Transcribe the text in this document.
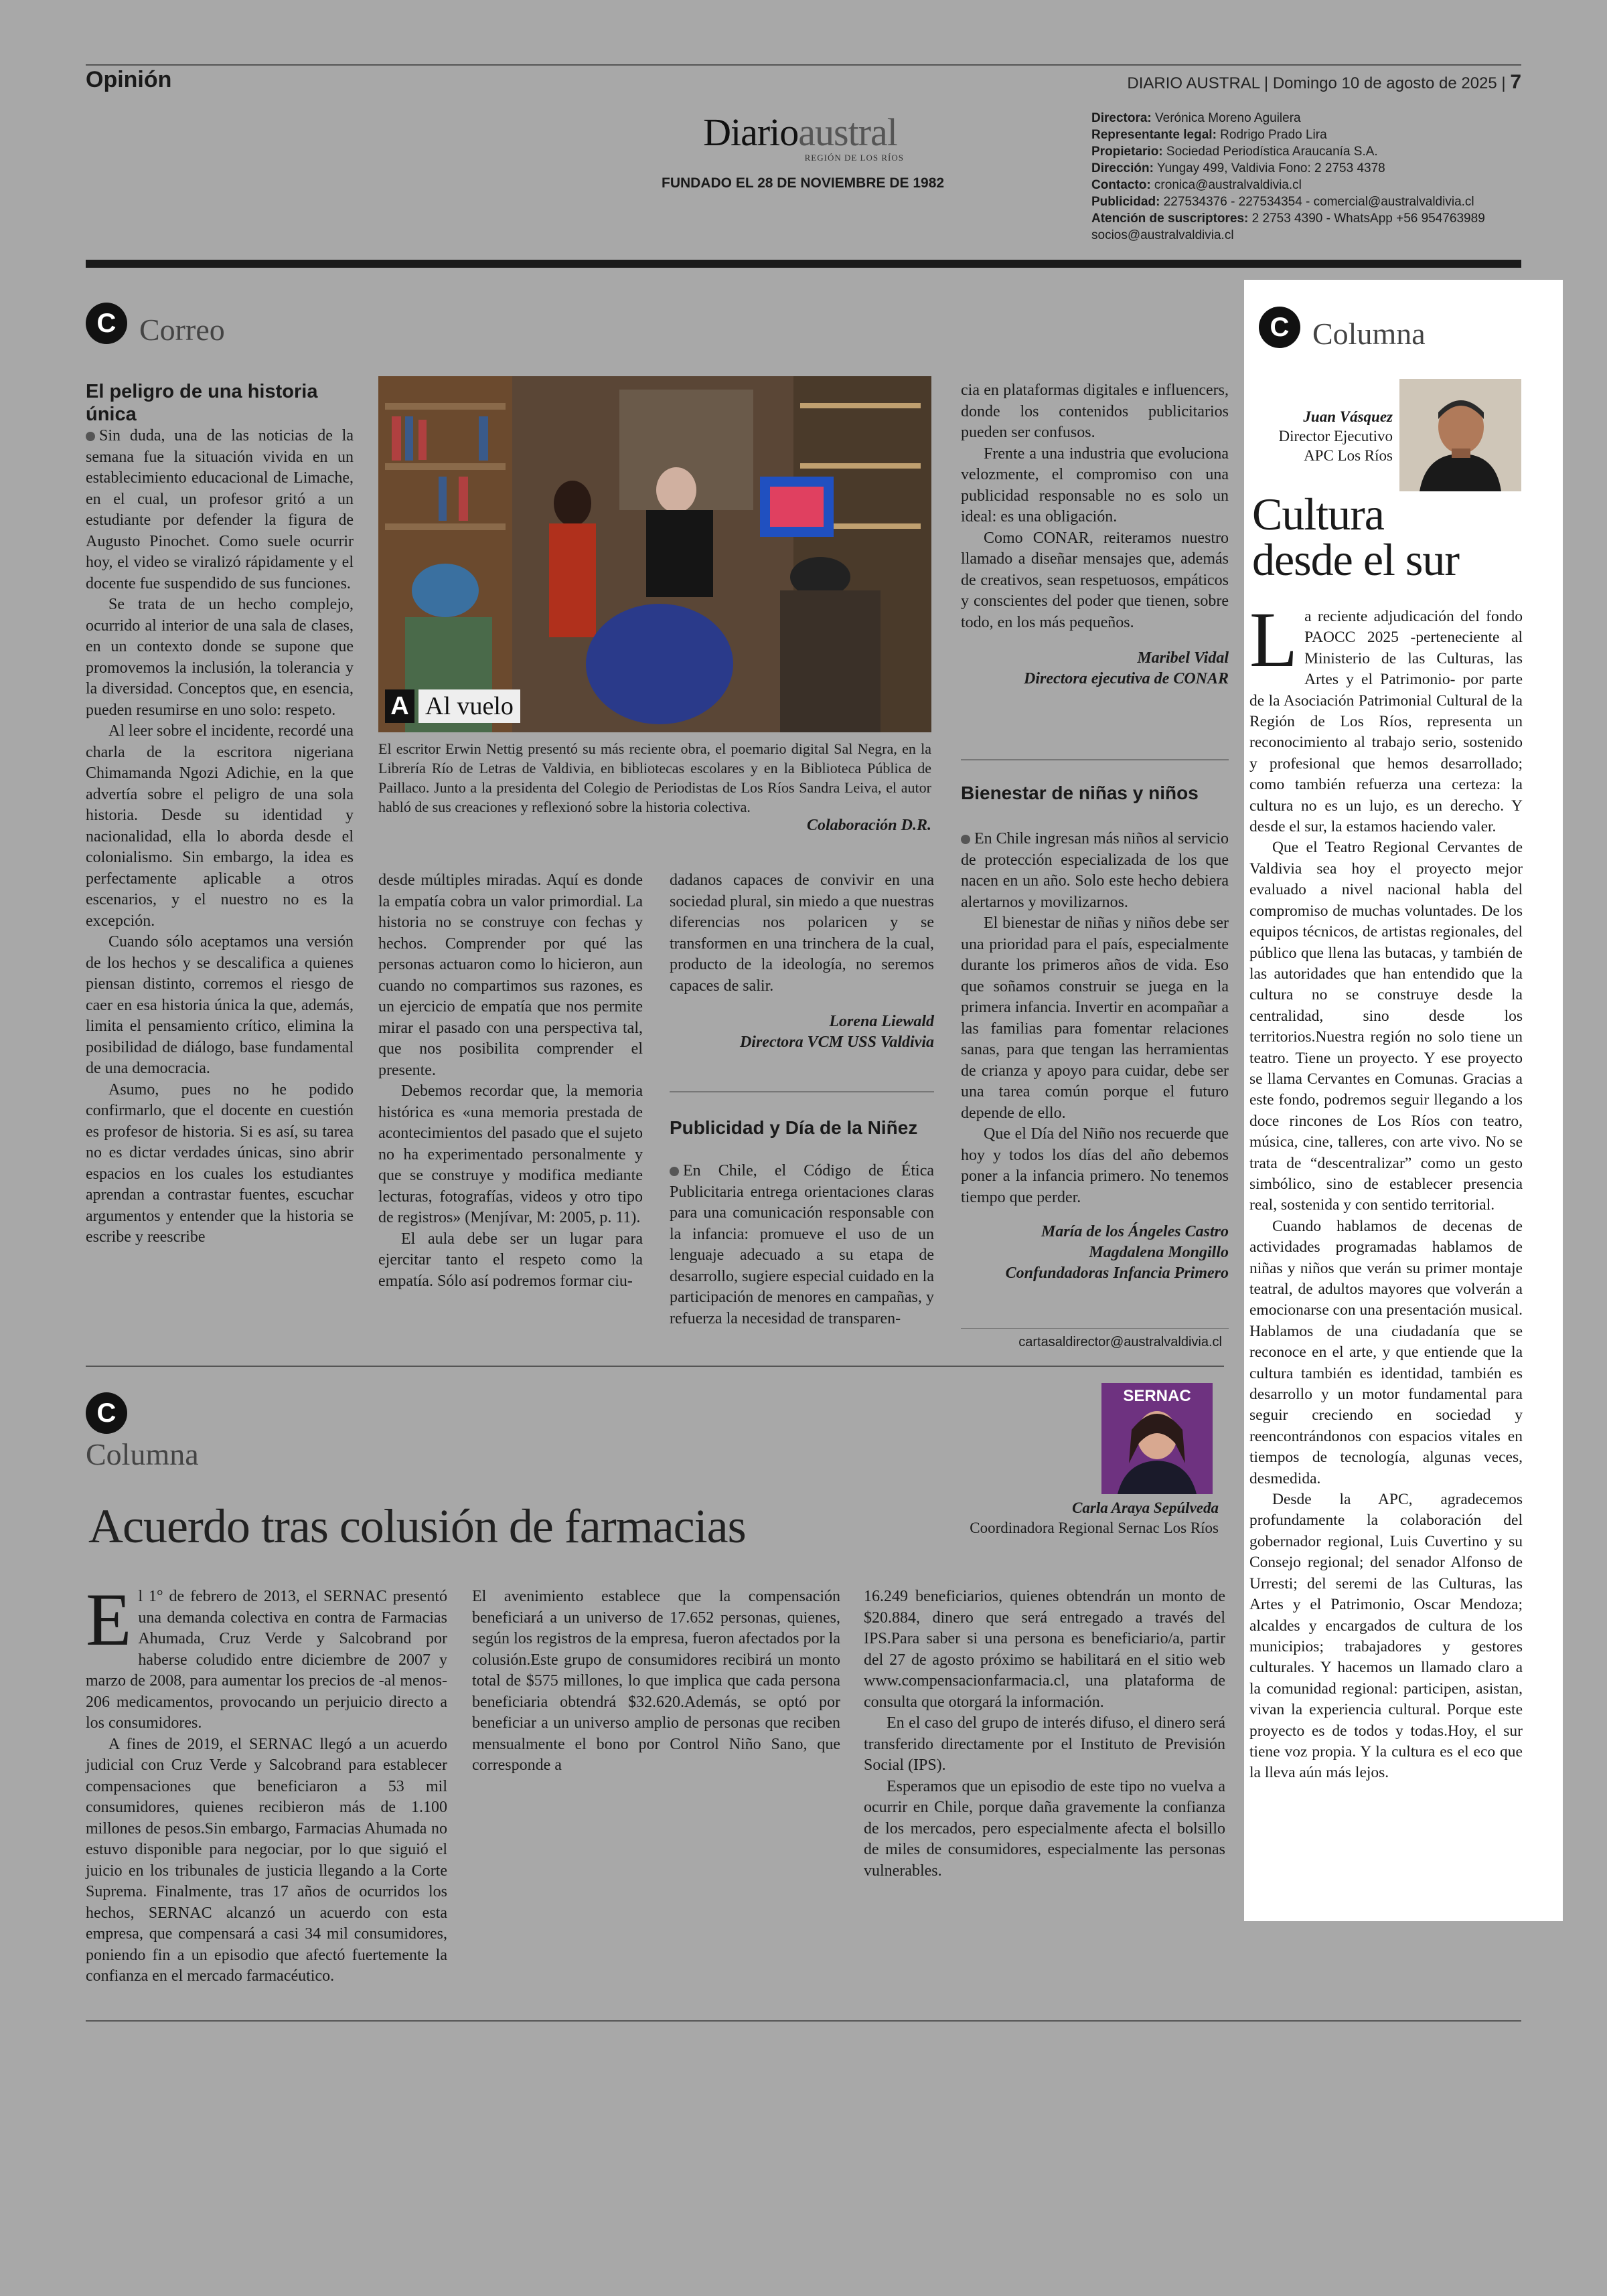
Opinión	DIARIO AUSTRAL | Domingo 10 de agosto de 2025 | 7
Diarioaustral
REGIÓN DE LOS RÍOS
FUNDADO EL 28 DE NOVIEMBRE DE 1982
Directora: Verónica Moreno Aguilera
Representante legal: Rodrigo Prado Lira
Propietario: Sociedad Periodística Araucanía S.A.
Dirección: Yungay 499, Valdivia Fono: 2 2753 4378
Contacto: cronica@australvaldivia.cl
Publicidad: 227534376 - 227534354 - comercial@australvaldivia.cl
Atención de suscriptores: 2 2753 4390 - WhatsApp +56 954763989
socios@australvaldivia.cl
C Correo
El peligro de una historia única

Sin duda, una de las noticias de la semana fue la situación vivida en un establecimiento educacional de Limache, en el cual, un profesor gritó a un estudiante por defender la figura de Augusto Pinochet. Como suele ocurrir hoy, el video se viralizó rápidamente y el docente fue suspendido de sus funciones.

Se trata de un hecho complejo, ocurrido al interior de una sala de clases, en un contexto donde se supone que promovemos la inclusión, la tolerancia y la diversidad. Conceptos que, en esencia, pueden resumirse en uno solo: respeto.

Al leer sobre el incidente, recordé una charla de la escritora nigeriana Chimamanda Ngozi Adichie, en la que advertía sobre el peligro de una sola historia. Desde su identidad y nacionalidad, ella lo aborda desde el colonialismo. Sin embargo, la idea es perfectamente aplicable a otros escenarios, y el nuestro no es la excepción.

Cuando sólo aceptamos una versión de los hechos y se descalifica a quienes piensan distinto, corremos el riesgo de caer en esa historia única la que, además, limita el pensamiento crítico, elimina la posibilidad de diálogo, base fundamental de una democracia.

Asumo, pues no he podido confirmarlo, que el docente en cuestión es profesor de historia. Si es así, su tarea no es dictar verdades únicas, sino abrir espacios en los cuales los estudiantes aprendan a contrastar fuentes, escuchar argumentos y entender que la historia se escribe y reescribe

A Al vuelo

El escritor Erwin Nettig presentó su más reciente obra, el poemario digital Sal Negra, en la Librería Río de Letras de Valdivia, en bibliotecas escolares y en la Biblioteca Pública de Paillaco. Junto a la presidenta del Colegio de Periodistas de Los Ríos Sandra Leiva, el autor habló de sus creaciones y reflexionó sobre la historia colectiva.

Colaboración D.R.

desde múltiples miradas. Aquí es donde la empatía cobra un valor primordial. La historia no se construye con fechas y hechos. Comprender por qué las personas actuaron como lo hicieron, aun cuando no compartimos sus razones, es un ejercicio de empatía que nos permite mirar el pasado con una perspectiva tal, que nos posibilita comprender el presente.

Debemos recordar que, la memoria histórica es «una memoria prestada de acontecimientos del pasado que el sujeto no ha experimentado personalmente y que se construye y modifica mediante lecturas, fotografías, videos y otro tipo de registros» (Menjívar, M: 2005, p. 11).

El aula debe ser un lugar para ejercitar tanto el respeto como la empatía. Sólo así podremos formar ciu-

dadanos capaces de convivir en una sociedad plural, sin miedo a que nuestras diferencias nos polaricen y se transformen en una trinchera de la cual, producto de la ideología, no seremos capaces de salir.

Lorena Liewald
Directora VCM USS Valdivia
Publicidad y Día de la Niñez

En Chile, el Código de Ética Publicitaria entrega orientaciones claras para una comunicación responsable con la infancia: promueve el uso de un lenguaje adecuado a su etapa de desarrollo, sugiere especial cuidado en la participación de menores en campañas, y refuerza la necesidad de transparen-

cia en plataformas digitales e influencers, donde los contenidos publicitarios pueden ser confusos.

Frente a una industria que evoluciona velozmente, el compromiso con una publicidad responsable no es solo un ideal: es una obligación.

Como CONAR, reiteramos nuestro llamado a diseñar mensajes que, además de creativos, sean respetuosos, empáticos y conscientes del poder que tienen, sobre todo, en los más pequeños.

Maribel Vidal
Directora ejecutiva de CONAR
Bienestar de niñas y niños

En Chile ingresan más niños al servicio de protección especializada de los que nacen en un año. Solo este hecho debiera alertarnos y movilizarnos.

El bienestar de niñas y niños debe ser una prioridad para el país, especialmente durante los primeros años de vida. Eso que soñamos construir se juega en la primera infancia. Invertir en acompañar a las familias para fomentar relaciones sanas, para que tengan las herramientas de crianza y apoyo para cuidar, debe ser una tarea común porque el futuro depende de ello.

Que el Día del Niño nos recuerde que hoy y todos los días del año debemos poner a la infancia primero. No tenemos tiempo que perder.

María de los Ángeles Castro
Magdalena Mongillo
Confundadoras Infancia Primero
cartasaldirector@australvaldivia.cl
C Columna
Juan Vásquez
Director Ejecutivo
APC Los Ríos
Cultura
desde el sur

La reciente adjudicación del fondo PAOCC 2025 -perteneciente al Ministerio de las Culturas, las Artes y el Patrimonio- por parte de la Asociación Patrimonial Cultural de la Región de Los Ríos, representa un reconocimiento al trabajo serio, sostenido y profesional que hemos desarrollado; como también refuerza una certeza: la cultura no es un lujo, es un derecho. Y desde el sur, la estamos haciendo valer.

Que el Teatro Regional Cervantes de Valdivia sea hoy el proyecto mejor evaluado a nivel nacional habla del compromiso de muchas voluntades. De los equipos técnicos, de artistas regionales, del público que llena las butacas, y también de las autoridades que han entendido que la cultura no se construye desde la centralidad, sino desde los territorios.Nuestra región no solo tiene un teatro. Tiene un proyecto. Y ese proyecto se llama Cervantes en Comunas. Gracias a este fondo, podremos seguir llegando a los doce rincones de Los Ríos con teatro, música, cine, talleres, con arte vivo. No se trata de “descentralizar” como un gesto simbólico, sino de establecer presencia real, sostenida y con sentido territorial.

Cuando hablamos de decenas de actividades programadas hablamos de niñas y niños que verán su primer montaje teatral, de adultos mayores que volverán a emocionarse con una presentación musical. Hablamos de una ciudadanía que se reconoce en el arte, y que entiende que la cultura también es identidad, también es desarrollo y un motor fundamental para seguir creciendo en sociedad y reencontrándonos con espacios vitales en tiempos de tecnología, algunas veces, desmedida.

Desde la APC, agradecemos profundamente la colaboración del gobernador regional, Luis Cuvertino y su Consejo regional; del senador Alfonso de Urresti; del seremi de las Culturas, las Artes y el Patrimonio, Oscar Mendoza; alcaldes y encargados de cultura de los municipios; trabajadores y gestores culturales. Y hacemos un llamado claro a la comunidad regional: participen, asistan, vivan la experiencia cultural. Porque este proyecto es de todos y todas.Hoy, el sur tiene voz propia. Y la cultura es el eco que la lleva aún más lejos.

C
Columna
SERNAC
Carla Araya Sepúlveda
Coordinadora Regional Sernac Los Ríos
Acuerdo tras colusión de farmacias

El 1° de febrero de 2013, el SERNAC presentó una demanda colectiva en contra de Farmacias Ahumada, Cruz Verde y Salcobrand por haberse coludido entre diciembre de 2007 y marzo de 2008, para aumentar los precios de -al menos- 206 medicamentos, provocando un perjuicio directo a los consumidores.

A fines de 2019, el SERNAC llegó a un acuerdo judicial con Cruz Verde y Salcobrand para establecer compensaciones que beneficiaron a 53 mil consumidores, quienes recibieron más de 1.100 millones de pesos.Sin embargo, Farmacias Ahumada no estuvo disponible para negociar, por lo que siguió el juicio en los tribunales de justicia llegando a la Corte Suprema. Finalmente, tras 17 años de ocurridos los hechos, SERNAC alcanzó un acuerdo con esta empresa, que compensará a casi 34 mil consumidores, poniendo fin a un episodio que afectó fuertemente la confianza en el mercado farmacéutico.

El avenimiento establece que la compensación beneficiará a un universo de 17.652 personas, quienes, según los registros de la empresa, fueron afectados por la colusión.Este grupo de consumidores recibirá un monto total de $575 millones, lo que implica que cada persona beneficiaria obtendrá $32.620.Además, se optó por beneficiar a un universo amplio de personas que reciben mensualmente el bono por Control Niño Sano, que corresponde a

16.249 beneficiarios, quienes obtendrán un monto de $20.884, dinero que será entregado a través del IPS.Para saber si una persona es beneficiario/a, partir del 27 de agosto próximo se habilitará en el sitio web www.compensacionfarmacia.cl, una plataforma de consulta que otorgará la información.

En el caso del grupo de interés difuso, el dinero será transferido directamente por el Instituto de Previsión Social (IPS).

Esperamos que un episodio de este tipo no vuelva a ocurrir en Chile, porque daña gravemente la confianza de los mercados, pero especialmente afecta el bolsillo de miles de consumidores, especialmente las personas vulnerables.
